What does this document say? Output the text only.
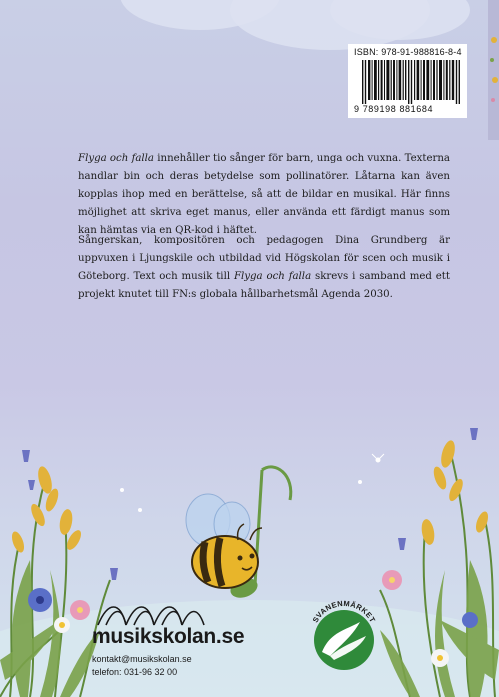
ISBN: 978-91-988816-8-4
9 789198 881684
Flyga och falla innehåller tio sånger för barn, unga och vuxna. Texterna handlar bin och deras betydelse som pollinatörer. Låtarna kan även kopplas ihop med en berättelse, så att de bildar en musikal. Här finns möjlighet att skriva eget manus, eller använda ett färdigt manus som kan hämtas via en QR-kod i häftet.
Sångerskan, kompositören och pedagogen Dina Grundberg är uppvuxen i Ljungskile och utbildad vid Högskolan för scen och musik i Göteborg. Text och musik till Flyga och falla skrevs i samband med ett projekt knutet till FN:s globala hållbarhetsmål Agenda 2030.
musikskolan.se
kontakt@musikskolan.se
telefon: 031-96 32 00
SVANENMÄRKET
